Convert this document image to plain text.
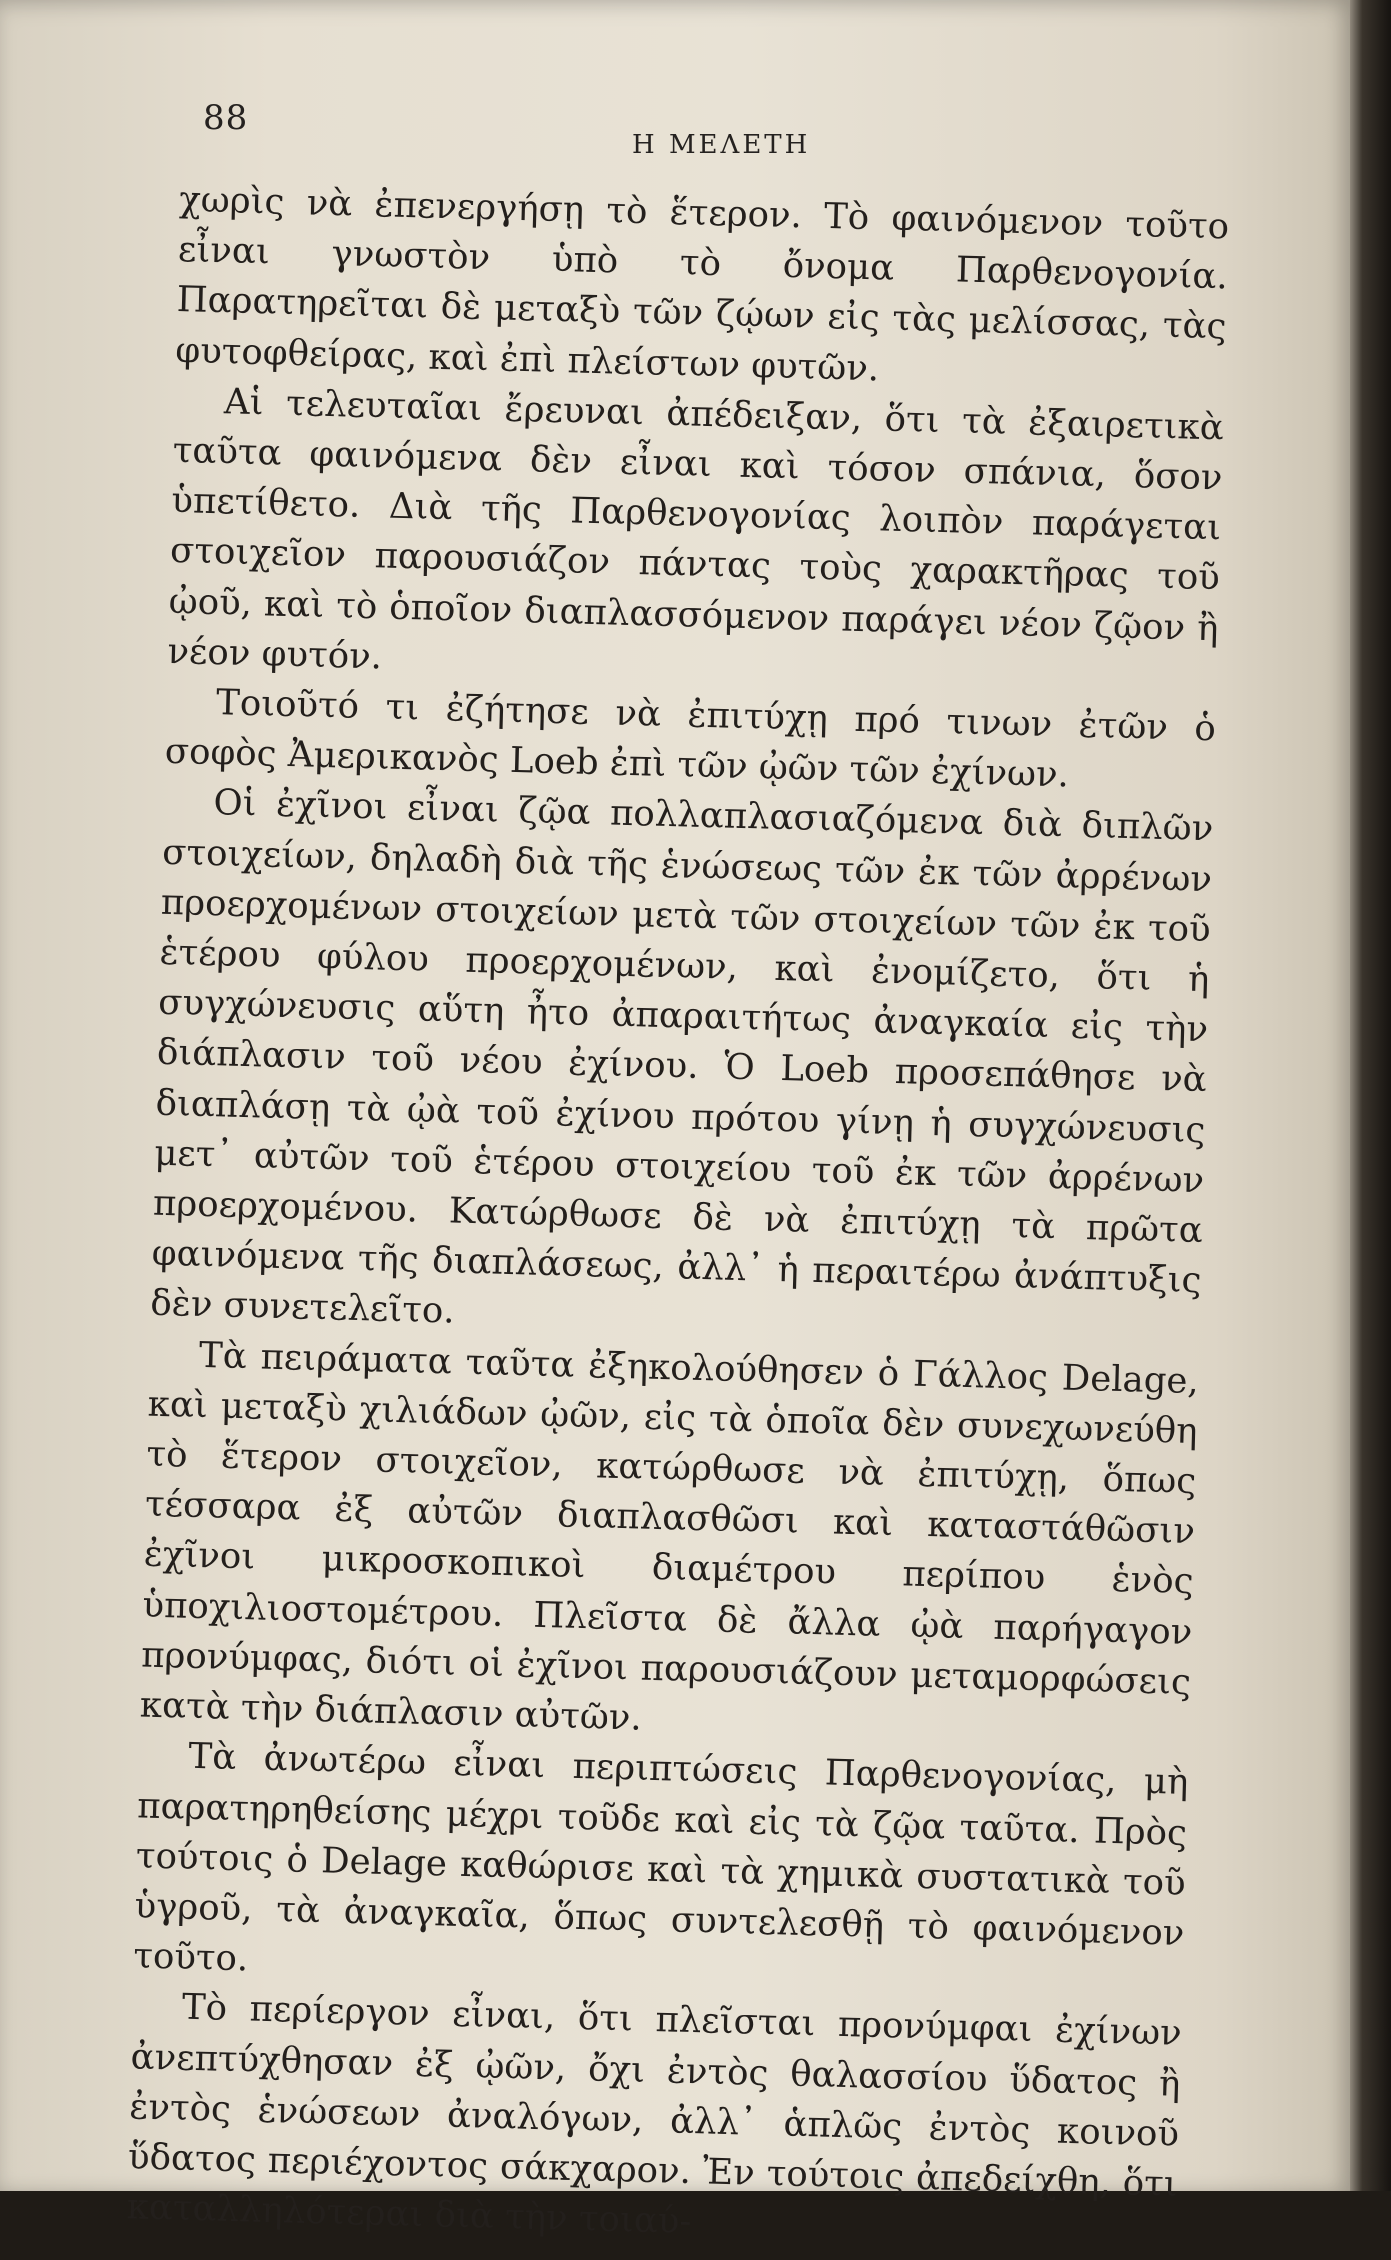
88
Η ΜΕΛΕΤΗ

χωρὶς νὰ ἐπενεργήσῃ τὸ ἕτερον. Τὸ φαινόμενον τοῦτο εἶναι γνωστὸν ὑπὸ τὸ ὄνομα Παρθενογονία. Παρατηρεῖται δὲ μεταξὺ τῶν ζῴων εἰς τὰς μελίσσας, τὰς φυτοφθείρας, καὶ ἐπὶ πλείστων φυτῶν.

Αἱ τελευταῖαι ἔρευναι ἀπέδειξαν, ὅτι τὰ ἐξαιρετικὰ ταῦτα φαινόμενα δὲν εἶναι καὶ τόσον σπάνια, ὅσον ὑπετίθετο. Διὰ τῆς Παρθενογονίας λοιπὸν παράγεται στοιχεῖον παρουσιάζον πάντας τοὺς χαρακτῆρας τοῦ ᾠοῦ, καὶ τὸ ὁποῖον διαπλασσόμενον παράγει νέον ζῷον ἢ νέον φυτόν.

Τοιοῦτό τι ἐζήτησε νὰ ἐπιτύχῃ πρό τινων ἐτῶν ὁ σοφὸς Ἀμερικανὸς Loeb ἐπὶ τῶν ᾠῶν τῶν ἐχίνων.

Οἱ ἐχῖνοι εἶναι ζῷα πολλαπλασιαζόμενα διὰ διπλῶν στοιχείων, δηλαδὴ διὰ τῆς ἑνώσεως τῶν ἐκ τῶν ἀρρένων προερχομένων στοιχείων μετὰ τῶν στοιχείων τῶν ἐκ τοῦ ἑτέρου φύλου προερχομένων, καὶ ἐνομίζετο, ὅτι ἡ συγχώνευσις αὕτη ἦτο ἀπαραιτήτως ἀναγκαία εἰς τὴν διάπλασιν τοῦ νέου ἐχίνου. Ὁ Loeb προσεπάθησε νὰ διαπλάσῃ τὰ ᾠὰ τοῦ ἐχίνου πρότου γίνῃ ἡ συγχώνευσις μετ᾽ αὐτῶν τοῦ ἑτέρου στοιχείου τοῦ ἐκ τῶν ἀρρένων προερχομένου. Κατώρθωσε δὲ νὰ ἐπιτύχῃ τὰ πρῶτα φαινόμενα τῆς διαπλάσεως, ἀλλ᾽ ἡ περαιτέρω ἀνάπτυξις δὲν συνετελεῖτο.

Τὰ πειράματα ταῦτα ἐξηκολούθησεν ὁ Γάλλος Delage, καὶ μεταξὺ χιλιάδων ᾠῶν, εἰς τὰ ὁποῖα δὲν συνεχωνεύθη τὸ ἕτερον στοιχεῖον, κατώρθωσε νὰ ἐπιτύχῃ, ὅπως τέσσαρα ἐξ αὐτῶν διαπλασθῶσι καὶ καταστάθῶσιν ἐχῖνοι μικροσκοπικοὶ διαμέτρου περίπου ἑνὸς ὑποχιλιοστομέτρου. Πλεῖστα δὲ ἄλλα ᾠὰ παρήγαγον προνύμφας, διότι οἱ ἐχῖνοι παρουσιάζουν μεταμορφώσεις κατὰ τὴν διάπλασιν αὐτῶν.

Τὰ ἀνωτέρω εἶναι περιπτώσεις Παρθενογονίας, μὴ παρατηρηθείσης μέχρι τοῦδε καὶ εἰς τὰ ζῷα ταῦτα. Πρὸς τούτοις ὁ Delage καθώρισε καὶ τὰ χημικὰ συστατικὰ τοῦ ὑγροῦ, τὰ ἀναγκαῖα, ὅπως συντελεσθῇ τὸ φαινόμενον τοῦτο.

Τὸ περίεργον εἶναι, ὅτι πλεῖσται προνύμφαι ἐχίνων ἀνεπτύχθησαν ἐξ ᾠῶν, ὄχι ἐντὸς θαλασσίου ὕδατος ἢ ἐντὸς ἑνώσεων ἀναλόγων, ἀλλ᾽ ἁπλῶς ἐντὸς κοινοῦ ὕδατος περιέχοντος σάκχαρον. Ἐν τούτοις ἀπεδείχθη, ὅτι καταλληλότεραι διὰ τὴν τοιαύ-
